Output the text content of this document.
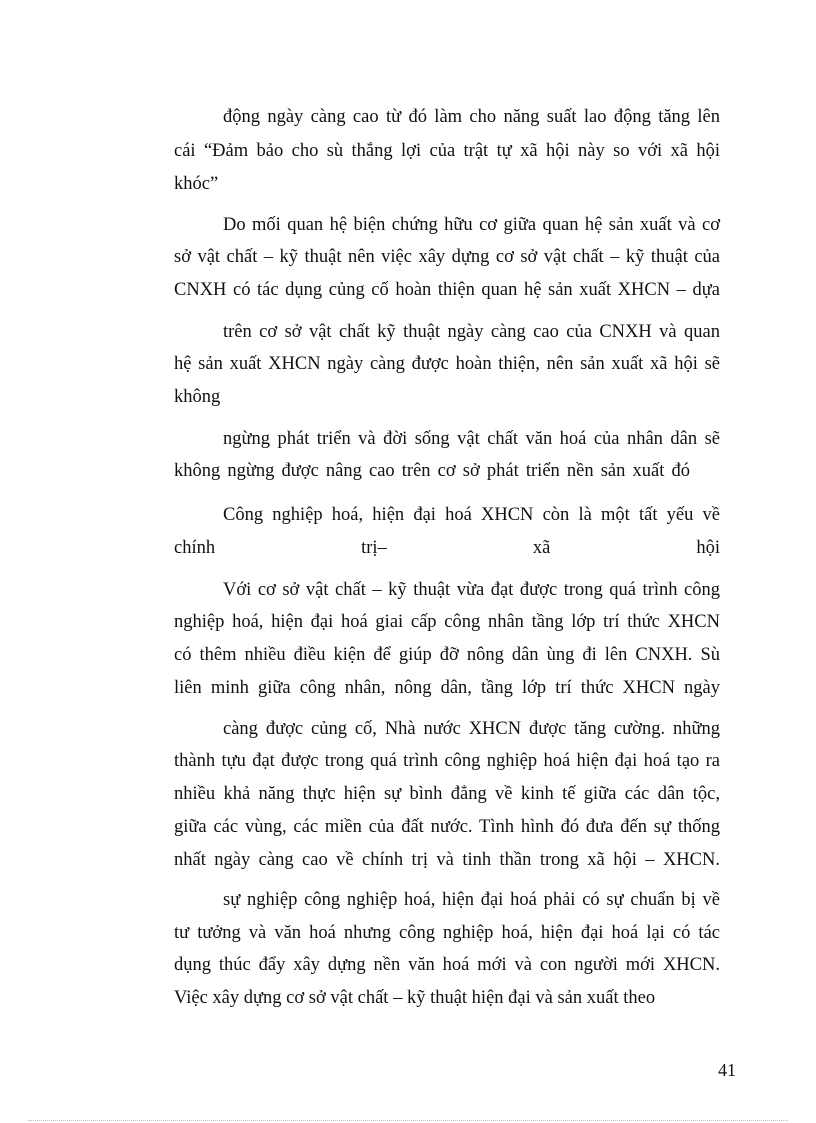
động ngày càng cao từ đó làm cho năng suất lao động tăng lên
cái “Đảm bảo cho sù thắng lợi của trật tự xã hội này so với xã hội
khóc”
Do mối quan hệ biện chứng hữu cơ giữa quan hệ sản xuất và cơ
sở vật chất – kỹ thuật nên việc xây dựng cơ sở vật chất – kỹ thuật của
CNXH có tác dụng củng cố hoàn thiện quan hệ sản xuất XHCN – dựa
trên cơ sở vật chất kỹ thuật ngày càng cao của CNXH và quan
hệ sản xuất XHCN ngày càng được hoàn thiện, nên sản xuất xã hội sẽ
không
ngừng phát triển và đời sống vật chất văn hoá của nhân dân sẽ
không ngừng được nâng cao trên cơ sở phát triển nền sản xuất đó
Công nghiệp hoá, hiện đại hoá XHCN còn là một tất yếu về
chính trị– xã hội
Với cơ sở vật chất – kỹ thuật vừa đạt được trong quá trình công
nghiệp hoá, hiện đại hoá giai cấp công nhân tầng lớp trí thức XHCN
có thêm nhiều điều kiện để giúp đỡ nông dân ùng đi lên CNXH. Sù
liên minh giữa công nhân, nông dân, tầng lớp trí thức XHCN ngày
càng được củng cố, Nhà nước XHCN được tăng cường. những
thành tựu đạt được trong quá trình công nghiệp hoá hiện đại hoá tạo ra
nhiều khả năng thực hiện sự bình đẳng về kinh tế giữa các dân tộc,
giữa các vùng, các miền của đất nước. Tình hình đó đưa đến sự thống
nhất ngày càng cao về chính trị và tinh thần trong xã hội – XHCN.
sự nghiệp công nghiệp hoá, hiện đại hoá phải có sự chuẩn bị về
tư tưởng và văn hoá nhưng công nghiệp hoá, hiện đại hoá lại có tác
dụng thúc đẩy xây dựng nền văn hoá mới và con người mới XHCN.
Việc xây dựng cơ sở vật chất – kỹ thuật hiện đại và sản xuất theo
41
